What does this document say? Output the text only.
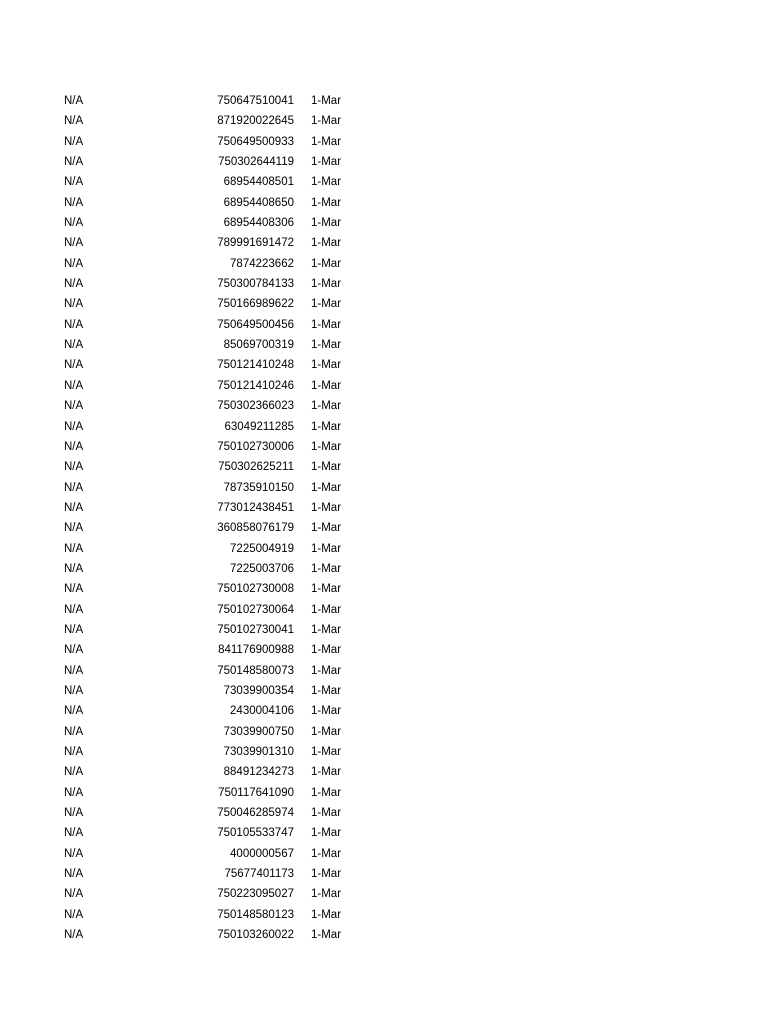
N/A	750647510041 1-Mar
N/A	871920022645 1-Mar
N/A	750649500933 1-Mar
N/A	750302644119 1-Mar
N/A	68954408501 1-Mar
N/A	68954408650 1-Mar
N/A	68954408306 1-Mar
N/A	789991691472 1-Mar
N/A	7874223662 1-Mar
N/A	750300784133 1-Mar
N/A	750166989622 1-Mar
N/A	750649500456 1-Mar
N/A	85069700319 1-Mar
N/A	750121410248 1-Mar
N/A	750121410246 1-Mar
N/A	750302366023 1-Mar
N/A	63049211285 1-Mar
N/A	750102730006 1-Mar
N/A	750302625211 1-Mar
N/A	78735910150 1-Mar
N/A	773012438451 1-Mar
N/A	360858076179 1-Mar
N/A	7225004919 1-Mar
N/A	7225003706 1-Mar
N/A	750102730008 1-Mar
N/A	750102730064 1-Mar
N/A	750102730041 1-Mar
N/A	841176900988 1-Mar
N/A	750148580073 1-Mar
N/A	73039900354 1-Mar
N/A	2430004106 1-Mar
N/A	73039900750 1-Mar
N/A	73039901310 1-Mar
N/A	88491234273 1-Mar
N/A	750117641090 1-Mar
N/A	750046285974 1-Mar
N/A	750105533747 1-Mar
N/A	4000000567 1-Mar
N/A	75677401173 1-Mar
N/A	750223095027 1-Mar
N/A	750148580123 1-Mar
N/A	750103260022 1-Mar
